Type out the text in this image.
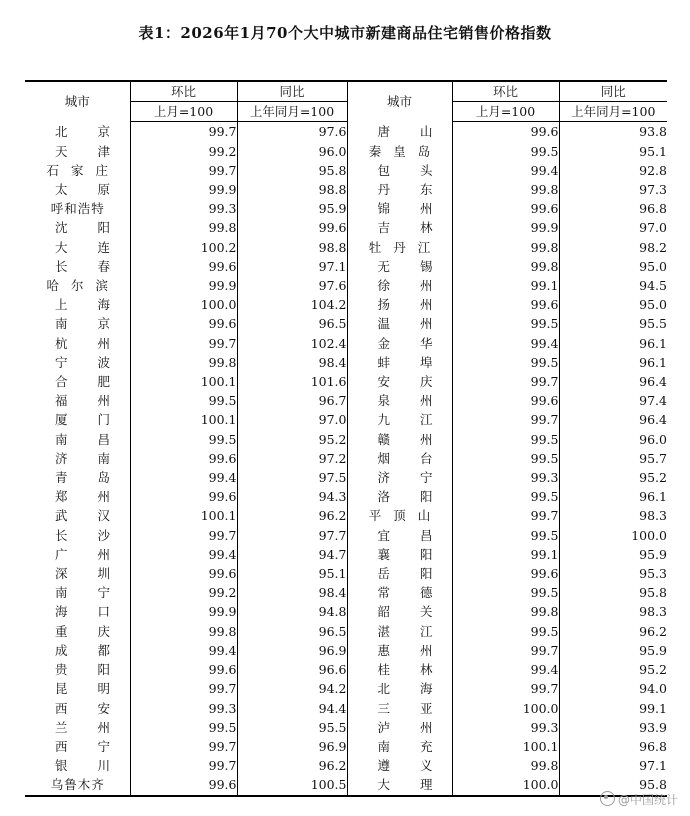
表1：2026年1月70个大中城市新建商品住宅销售价格指数
城市	环比	同比	城市	环比	同比
	上月=100	上年同月=100		上月=100	上年同月=100
北京	99.7	97.6	唐山	99.6	93.8
天津	99.2	96.0	秦皇岛	99.5	95.1
石家庄	99.7	95.8	包头	99.4	92.8
太原	99.9	98.8	丹东	99.8	97.3
呼和浩特	99.3	95.9	锦州	99.6	96.8
沈阳	99.8	99.6	吉林	99.9	97.0
大连	100.2	98.8	牡丹江	99.8	98.2
长春	99.6	97.1	无锡	99.8	95.0
哈尔滨	99.9	97.6	徐州	99.1	94.5
上海	100.0	104.2	扬州	99.6	95.0
南京	99.6	96.5	温州	99.5	95.5
杭州	99.7	102.4	金华	99.4	96.1
宁波	99.8	98.4	蚌埠	99.5	96.1
合肥	100.1	101.6	安庆	99.7	96.4
福州	99.5	96.7	泉州	99.6	97.4
厦门	100.1	97.0	九江	99.7	96.4
南昌	99.5	95.2	赣州	99.5	96.0
济南	99.6	97.2	烟台	99.5	95.7
青岛	99.4	97.5	济宁	99.3	95.2
郑州	99.6	94.3	洛阳	99.5	96.1
武汉	100.1	96.2	平顶山	99.7	98.3
长沙	99.7	97.7	宜昌	99.5	100.0
广州	99.4	94.7	襄阳	99.1	95.9
深圳	99.6	95.1	岳阳	99.6	95.3
南宁	99.2	98.4	常德	99.5	95.8
海口	99.9	94.8	韶关	99.8	98.3
重庆	99.8	96.5	湛江	99.5	96.2
成都	99.4	96.9	惠州	99.7	95.9
贵阳	99.6	96.6	桂林	99.4	95.2
昆明	99.7	94.2	北海	99.7	94.0
西安	99.3	94.4	三亚	100.0	99.1
兰州	99.5	95.5	泸州	99.3	93.9
西宁	99.7	96.9	南充	100.1	96.8
银川	99.7	96.2	遵义	99.8	97.1
乌鲁木齐	99.6	100.5	大理	100.0	95.8
@中国统计
